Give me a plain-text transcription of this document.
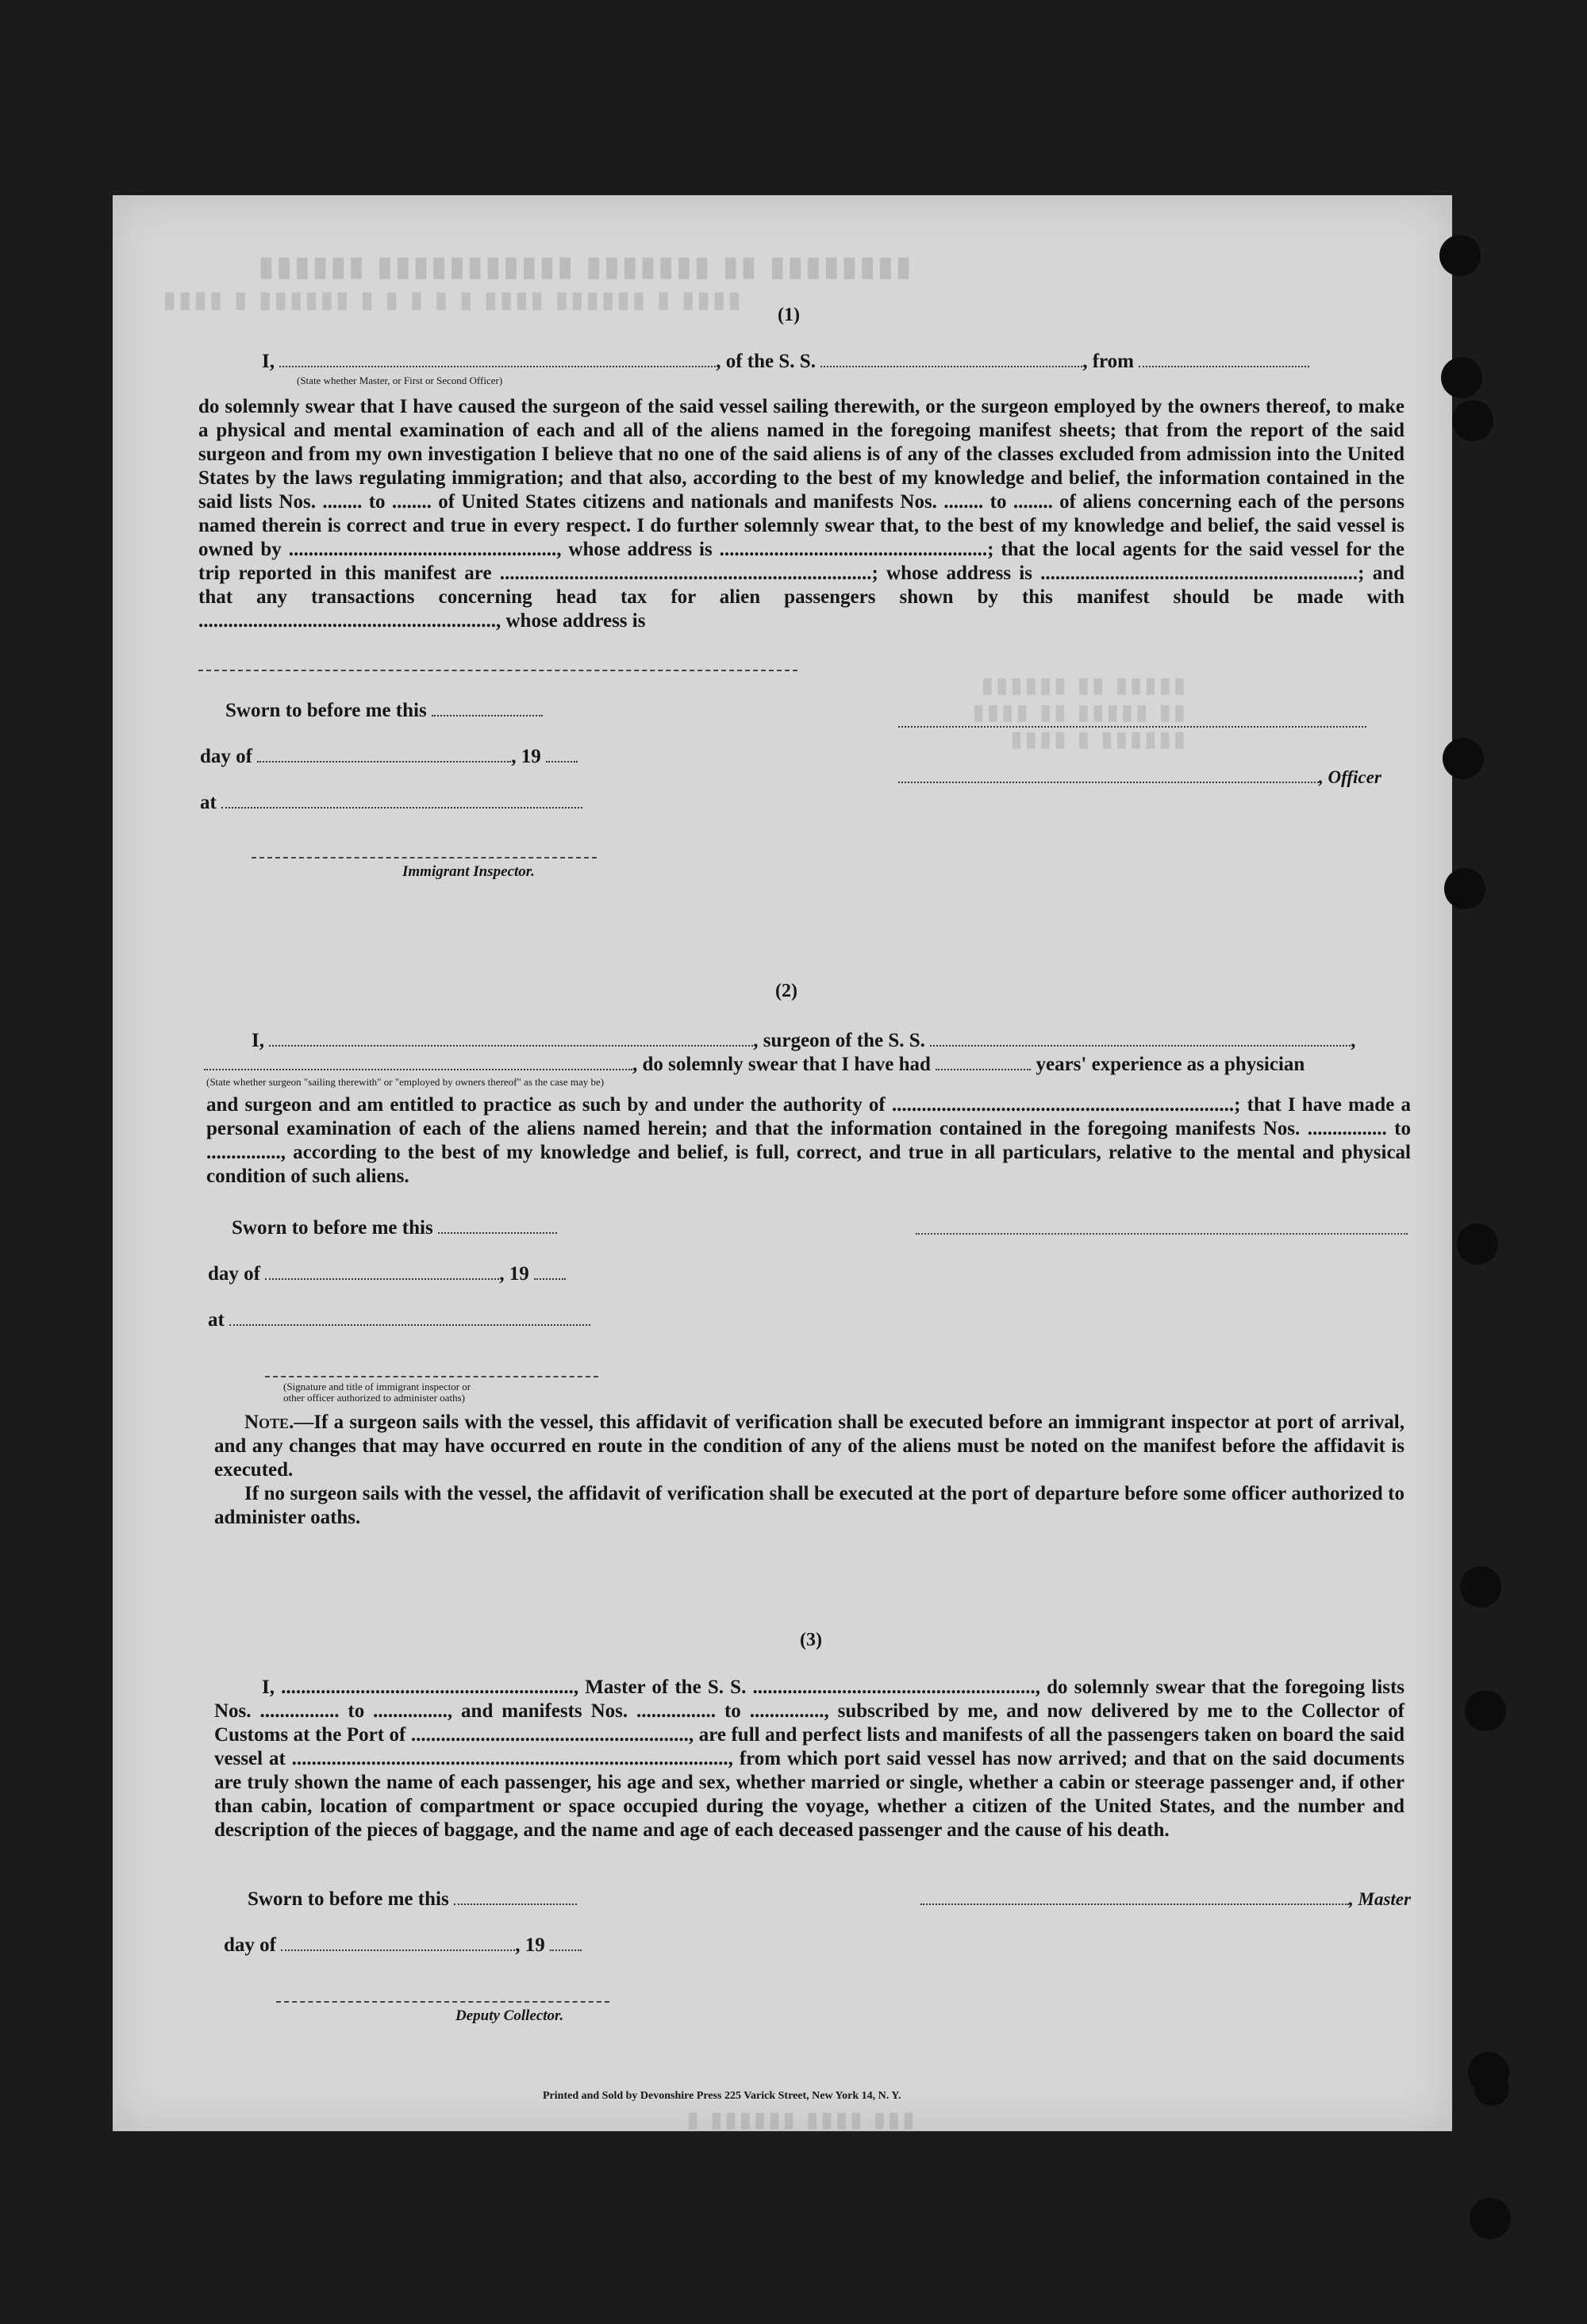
▮▮▮▮▮▮▮▮ ▮▮ ▮▮▮▮▮▮▮ ▮▮▮▮▮▮▮▮▮▮▮ ▮▮▮▮▮▮
▮▮▮▮ ▮ ▮▮▮▮▮▮ ▮▮▮▮ ▮ ▮ ▮ ▮ ▮ ▮▮▮▮▮▮ ▮ ▮▮▮▮
▮▮▮▮▮ ▮▮ ▮▮▮▮▮▮
▮▮ ▮▮▮▮▮ ▮▮ ▮▮▮▮
▮▮▮▮▮▮ ▮ ▮▮▮▮
▮▮▮ ▮▮▮▮ ▮▮▮▮▮▮ ▮
(1)
I,	, of the S. S.	, from
(State whether Master, or First or Second Officer)
do solemnly swear that I have caused the surgeon of the said vessel sailing therewith, or the surgeon employed by the owners thereof, to make a physical and mental examination of each and all of the aliens named in the foregoing manifest sheets; that from the report of the said surgeon and from my own investigation I believe that no one of the said aliens is of any of the classes excluded from admission into the United States by the laws regulating immigration; and that also, according to the best of my knowledge and belief, the information contained in the said lists Nos. ........ to ........ of United States citizens and nationals and manifests Nos. ........ to ........ of aliens concerning each of the persons named therein is correct and true in every respect. I do further solemnly swear that, to the best of my knowledge and belief, the said vessel is owned by ......................................................, whose address is ......................................................; that the local agents for the said vessel for the trip reported in this manifest are ...........................................................................; whose address is ................................................................; and that any transactions concerning head tax for alien passengers shown by this manifest should be made with ............................................................, whose address is
Sworn to before me this
day of	, 19
at
, Officer
Immigrant Inspector.
(2)
I,	, surgeon of the S. S.	,
, do solemnly swear that I have had	years' experience as a physician
(State whether surgeon "sailing therewith" or "employed by owners thereof" as the case may be)
and surgeon and am entitled to practice as such by and under the authority of .....................................................................; that I have made a personal examination of each of the aliens named herein; and that the information contained in the foregoing manifests Nos. ................ to ..............., according to the best of my knowledge and belief, is full, correct, and true in all particulars, relative to the mental and physical condition of such aliens.
Sworn to before me this
day of	, 19
at
(Signature and title of immigrant inspector or
other officer authorized to administer oaths)
Note.—If a surgeon sails with the vessel, this affidavit of verification shall be executed before an immigrant inspector at port of arrival, and any changes that may have occurred en route in the condition of any of the aliens must be noted on the manifest before the affidavit is executed.
If no surgeon sails with the vessel, the affidavit of verification shall be executed at the port of departure before some officer authorized to administer oaths.
(3)
I, ..........................................................., Master of the S. S. ........................................................., do solemnly swear that the foregoing lists Nos. ................ to ..............., and manifests Nos. ................ to ..............., subscribed by me, and now delivered by me to the Collector of Customs at the Port of ........................................................, are full and perfect lists and manifests of all the passengers taken on board the said vessel at ........................................................................................, from which port said vessel has now arrived; and that on the said documents are truly shown the name of each passenger, his age and sex, whether married or single, whether a cabin or steerage passenger and, if other than cabin, location of compartment or space occupied during the voyage, whether a citizen of the United States, and the number and description of the pieces of baggage, and the name and age of each deceased passenger and the cause of his death.
Sworn to before me this	, Master
day of	, 19
Deputy Collector.
Printed and Sold by Devonshire Press 225 Varick Street, New York 14, N. Y.
